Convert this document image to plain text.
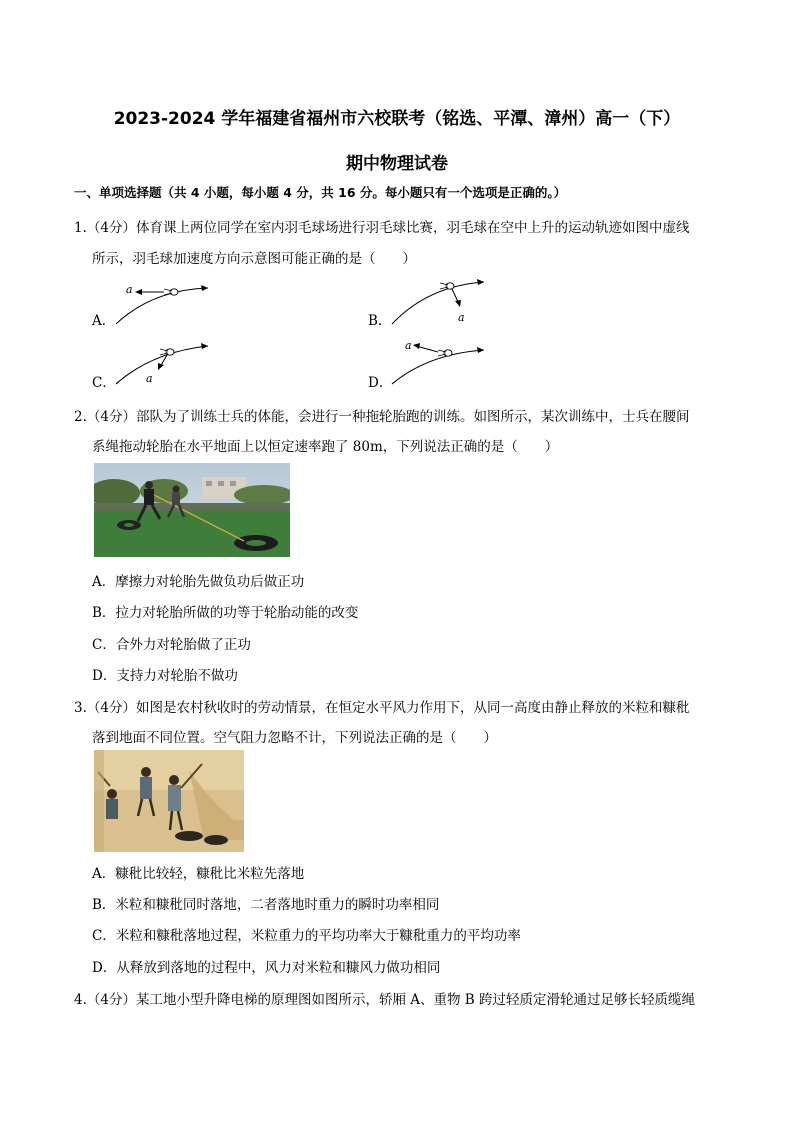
2023-2024 学年福建省福州市六校联考（铭选、平潭、漳州）高一（下）
期中物理试卷
一、单项选择题（共 4 小题，每小题 4 分，共 16 分。每小题只有一个选项是正确的。）
1.（4分）体育课上两位同学在室内羽毛球场进行羽毛球比赛，羽毛球在空中上升的运动轨迹如图中虚线
所示，羽毛球加速度方向示意图可能正确的是（　　）
A．
a
B．	a
C．	a	D．
a
2.（4分）部队为了训练士兵的体能，会进行一种拖轮胎跑的训练。如图所示，某次训练中，士兵在腰间
系绳拖动轮胎在水平地面上以恒定速率跑了 80m，下列说法正确的是（　　）
A．摩擦力对轮胎先做负功后做正功
B．拉力对轮胎所做的功等于轮胎动能的改变
C．合外力对轮胎做了正功
D．支持力对轮胎不做功
3.（4分）如图是农村秋收时的劳动情景，在恒定水平风力作用下，从同一高度由静止释放的米粒和糠秕
落到地面不同位置。空气阻力忽略不计，下列说法正确的是（　　）
A．糠秕比较轻，糠秕比米粒先落地
B．米粒和糠秕同时落地，二者落地时重力的瞬时功率相同
C．米粒和糠秕落地过程，米粒重力的平均功率大于糠秕重力的平均功率
D．从释放到落地的过程中，风力对米粒和糠风力做功相同
4.（4分）某工地小型升降电梯的原理图如图所示，轿厢 A、重物 B 跨过轻质定滑轮通过足够长轻质缆绳
